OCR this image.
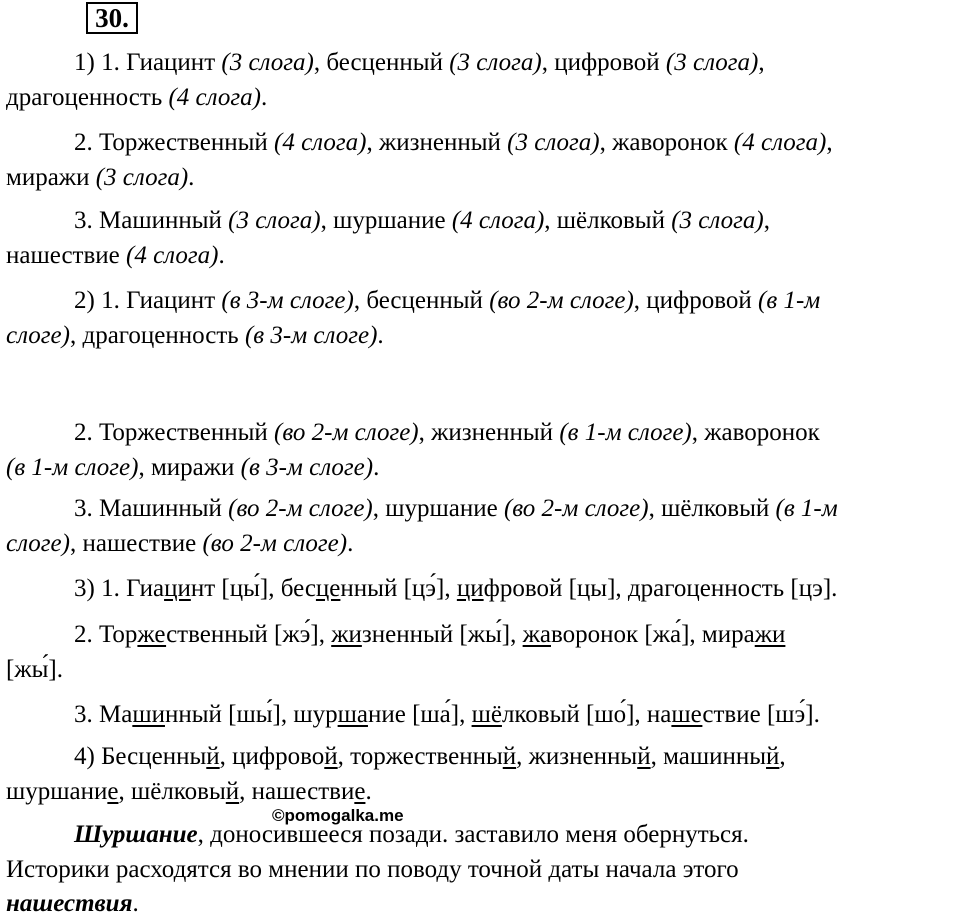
30.

1) 1. Гиацинт (3 слога), бесценный (3 слога), цифровой (3 слога),
драгоценность (4 слога).

2. Торжественный (4 слога), жизненный (3 слога), жаворонок (4 слога),
миражи (3 слога).

3. Машинный (3 слога), шуршание (4 слога), шёлковый (3 слога),
нашествие (4 слога).

2) 1. Гиацинт (в 3-м слоге), бесценный (во 2-м слоге), цифровой (в 1-м
слоге), драгоценность (в 3-м слоге).

2. Торжественный (во 2-м слоге), жизненный (в 1-м слоге), жаворонок
(в 1-м слоге), миражи (в 3-м слоге).

3. Машинный (во 2-м слоге), шуршание (во 2-м слоге), шёлковый (в 1-м
слоге), нашествие (во 2-м слоге).

3) 1. Гиацинт [цы́], бесценный [цэ́], цифровой [цы], драгоценность [цэ].

2. Торжественный [жэ́], жизненный [жы́], жаворонок [жа́], миражи
[жы́].

3. Машинный [шы́], шуршание [ша́], шёлковый [шо́], нашествие [шэ́].

4) Бесценный, цифровой, торжественный, жизненный, машинный,
шуршание, шёлковый, нашествие.

©pomogalka.me

Шуршание, доносившееся позади. заставило меня обернуться.
Историки расходятся во мнении по поводу точной даты начала этого
нашествия.
